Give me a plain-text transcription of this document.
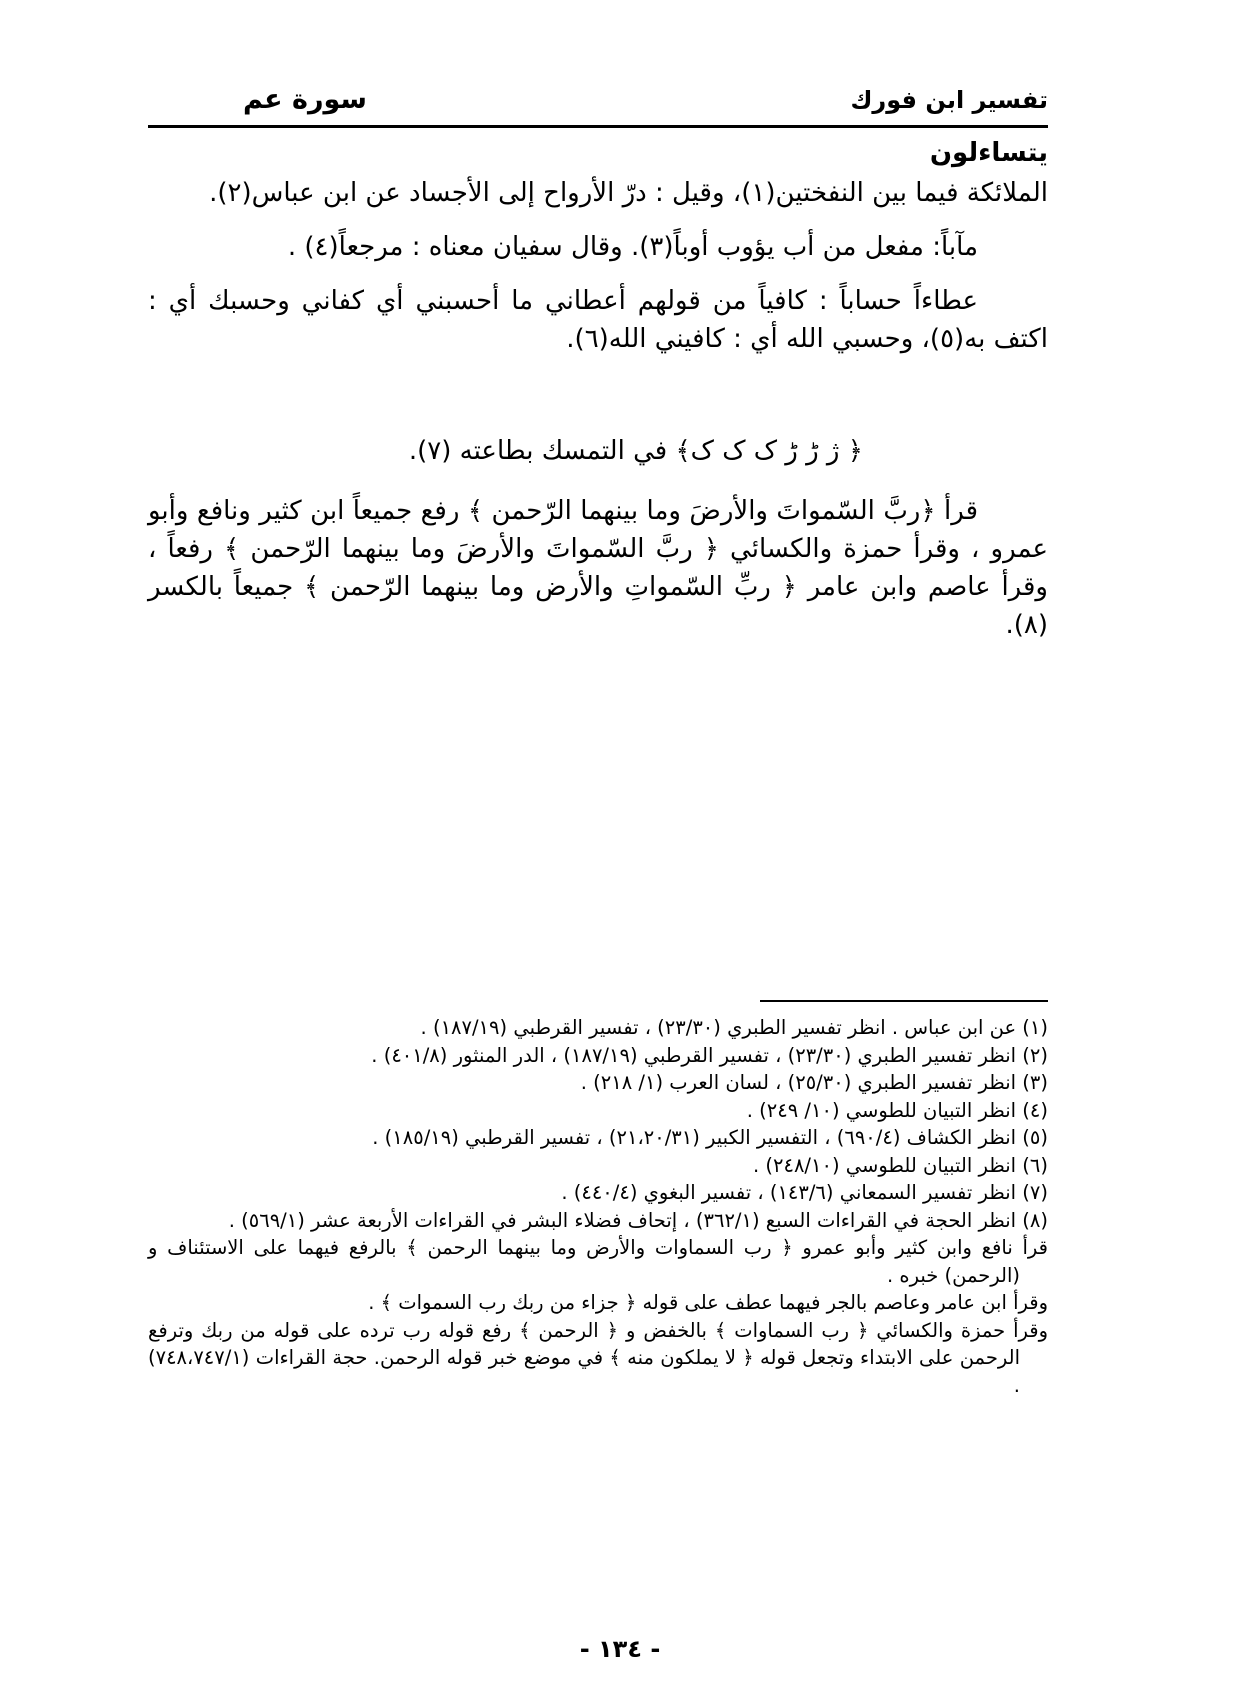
تفسير ابن فورك
سورة عم
يتساءلون

الملائكة فيما بين النفختين(١)، وقيل : درّ الأرواح إلى الأجساد عن ابن عباس(٢).

مآباً: مفعل من أب يؤوب أوباً(٣). وقال سفيان معناه : مرجعاً(٤) .

عطاءاً حساباً : كافياً من قولهم أعطاني ما أحسبني أي كفاني وحسبك أي : اكتف به(٥)، وحسبي الله أي : كافيني الله(٦).

﴿ ژ ڑ ڑ ک ک ک﴾ في التمسك بطاعته (٧).

قرأ ﴿ربَّ السّمواتَ والأرضَ وما بينهما الرّحمن ﴾ رفع جميعاً ابن كثير ونافع وأبو عمرو ، وقرأ حمزة والكسائي ﴿ ربَّ السّمواتَ والأرضَ وما بينهما الرّحمن ﴾ رفعاً ، وقرأ عاصم وابن عامر ﴿ ربِّ السّمواتِ والأرض وما بينهما الرّحمن ﴾ جميعاً بالكسر (٨).

(١) عن ابن عباس . انظر تفسير الطبري (٢٣/٣٠) ، تفسير القرطبي (١٨٧/١٩) .

(٢) انظر تفسير الطبري (٢٣/٣٠) ، تفسير القرطبي (١٨٧/١٩) ، الدر المنثور (٤٠١/٨) .

(٣) انظر تفسير الطبري (٢٥/٣٠) ، لسان العرب (١/ ٢١٨) .

(٤) انظر التبيان للطوسي (١٠/ ٢٤٩) .

(٥) انظر الكشاف (٦٩٠/٤) ، التفسير الكبير (٢١،٢٠/٣١) ، تفسير القرطبي (١٨٥/١٩) .

(٦) انظر التبيان للطوسي (٢٤٨/١٠) .

(٧) انظر تفسير السمعاني (١٤٣/٦) ، تفسير البغوي (٤٤٠/٤) .

(٨) انظر الحجة في القراءات السبع (٣٦٢/١) ، إتحاف فضلاء البشر في القراءات الأربعة عشر (٥٦٩/١) .

قرأ نافع وابن كثير وأبو عمرو ﴿ رب السماوات والأرض وما بينهما الرحمن ﴾ بالرفع فيهما على الاستئناف و (الرحمن) خبره .

وقرأ ابن عامر وعاصم بالجر فيهما عطف على قوله ﴿ جزاء من ربك رب السموات ﴾ .

وقرأ حمزة والكسائي ﴿ رب السماوات ﴾ بالخفض و ﴿ الرحمن ﴾ رفع قوله رب ترده على قوله من ربك وترفع الرحمن على الابتداء وتجعل قوله ﴿ لا يملكون منه ﴾ في موضع خبر قوله الرحمن. حجة القراءات (٧٤٨،٧٤٧/١) .

- ١٣٤ -
